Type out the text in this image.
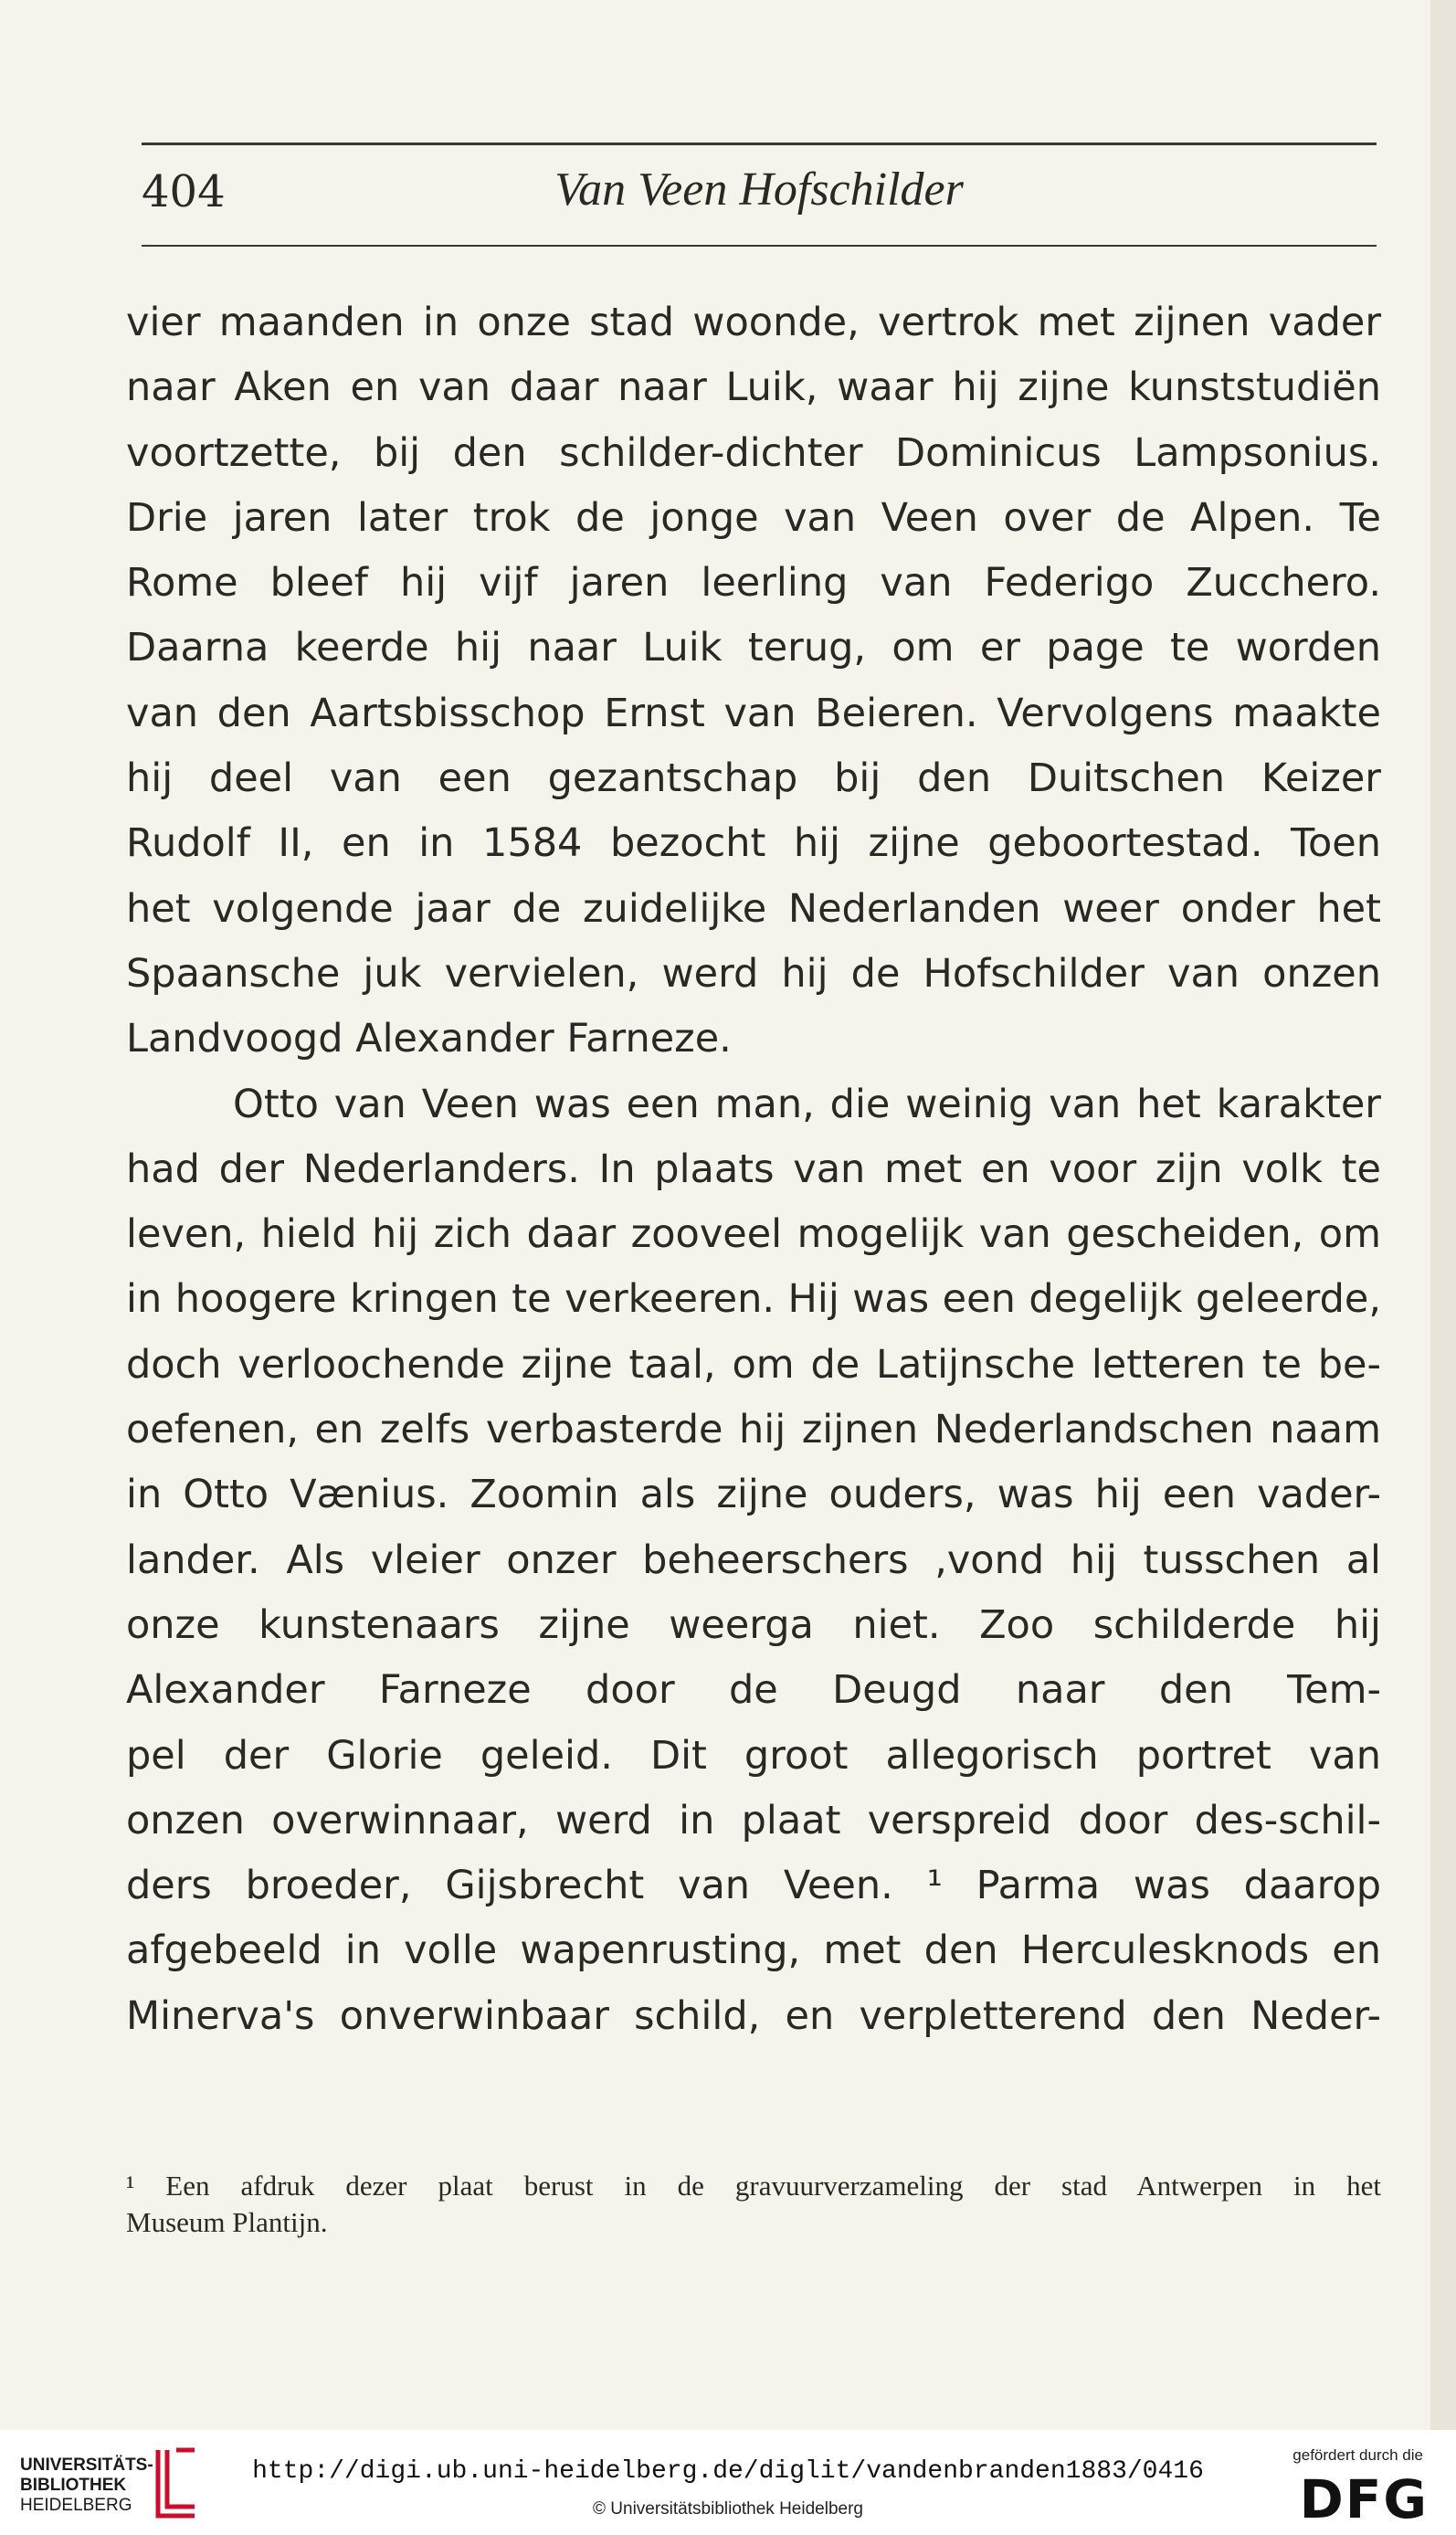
404	Van Veen Hofschilder
vier maanden in onze stad woonde, vertrok met zijnen vader
naar Aken en van daar naar Luik, waar hij zijne kunststudiën
voortzette, bij den schilder-dichter Dominicus Lampsonius.
Drie jaren later trok de jonge van Veen over de Alpen. Te
Rome bleef hij vijf jaren leerling van Federigo Zucchero.
Daarna keerde hij naar Luik terug, om er page te worden
van den Aartsbisschop Ernst van Beieren. Vervolgens maakte
hij deel van een gezantschap bij den Duitschen Keizer
Rudolf II, en in 1584 bezocht hij zijne geboortestad. Toen
het volgende jaar de zuidelijke Nederlanden weer onder het
Spaansche juk vervielen, werd hij de Hofschilder van onzen
Landvoogd Alexander Farneze.
Otto van Veen was een man, die weinig van het karakter
had der Nederlanders. In plaats van met en voor zijn volk te
leven, hield hij zich daar zooveel mogelijk van gescheiden, om
in hoogere kringen te verkeeren. Hij was een degelijk geleerde,
doch verloochende zijne taal, om de Latijnsche letteren te be-
oefenen, en zelfs verbasterde hij zijnen Nederlandschen naam
in Otto Vænius. Zoomin als zijne ouders, was hij een vader-
lander. Als vleier onzer beheerschers ,vond hij tusschen al
onze kunstenaars zijne weerga niet. Zoo schilderde hij
Alexander Farneze door de Deugd naar den Tem-
pel der Glorie geleid. Dit groot allegorisch portret van
onzen overwinnaar, werd in plaat verspreid door des-schil-
ders broeder, Gijsbrecht van Veen. ¹ Parma was daarop
afgebeeld in volle wapenrusting, met den Herculesknods en
Minerva's onverwinbaar schild, en verpletterend den Neder-
¹ Een afdruk dezer plaat berust in de gravuurverzameling der stad Antwerpen in het
Museum Plantijn.
UNIVERSITÄTS-
BIBLIOTHEK
HEIDELBERG
http://digi.ub.uni-heidelberg.de/diglit/vandenbranden1883/0416
© Universitätsbibliothek Heidelberg
gefördert durch die
DFG
